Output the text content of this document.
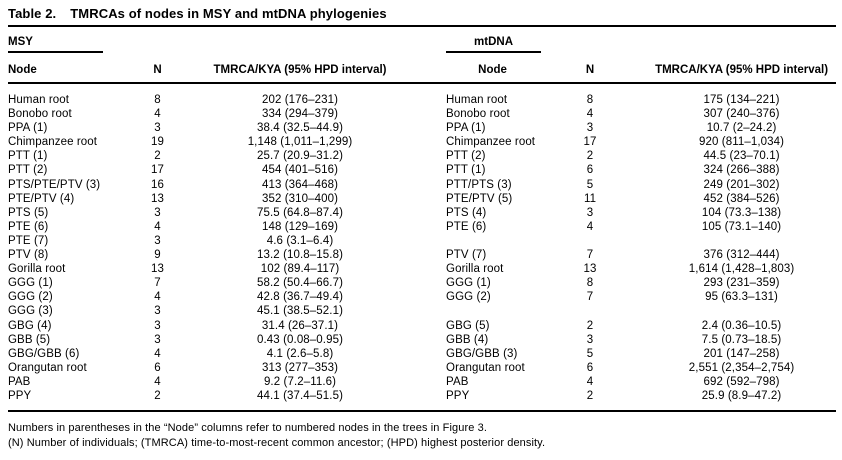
Table 2. TMRCAs of nodes in MSY and mtDNA phylogenies
MSY			mtDNA		

Node	N	TMRCA/KYA (95% HPD interval)	Node	N	TMRCA/KYA (95% HPD interval)
Human root	8	202 (176–231)	Human root	8	175 (134–221)
Bonobo root	4	334 (294–379)	Bonobo root	4	307 (240–376)
PPA (1)	3	38.4 (32.5–44.9)	PPA (1)	3	10.7 (2–24.2)
Chimpanzee root	19	1,148 (1,011–1,299)	Chimpanzee root	17	920 (811–1,034)
PTT (1)	2	25.7 (20.9–31.2)	PTT (2)	2	44.5 (23–70.1)
PTT (2)	17	454 (401–516)	PTT (1)	6	324 (266–388)
PTS/PTE/PTV (3)	16	413 (364–468)	PTT/PTS (3)	5	249 (201–302)
PTE/PTV (4)	13	352 (310–400)	PTE/PTV (5)	11	452 (384–526)
PTS (5)	3	75.5 (64.8–87.4)	PTS (4)	3	104 (73.3–138)
PTE (6)	4	148 (129–169)	PTE (6)	4	105 (73.1–140)
PTE (7)	3	4.6 (3.1–6.4)			
PTV (8)	9	13.2 (10.8–15.8)	PTV (7)	7	376 (312–444)
Gorilla root	13	102 (89.4–117)	Gorilla root	13	1,614 (1,428–1,803)
GGG (1)	7	58.2 (50.4–66.7)	GGG (1)	8	293 (231–359)
GGG (2)	4	42.8 (36.7–49.4)	GGG (2)	7	95 (63.3–131)
GGG (3)	3	45.1 (38.5–52.1)			
GBG (4)	3	31.4 (26–37.1)	GBG (5)	2	2.4 (0.36–10.5)
GBB (5)	3	0.43 (0.08–0.95)	GBB (4)	3	7.5 (0.73–18.5)
GBG/GBB (6)	4	4.1 (2.6–5.8)	GBG/GBB (3)	5	201 (147–258)
Orangutan root	6	313 (277–353)	Orangutan root	6	2,551 (2,354–2,754)
PAB	4	9.2 (7.2–11.6)	PAB	4	692 (592–798)
PPY	2	44.1 (37.4–51.5)	PPY	2	25.9 (8.9–47.2)
Numbers in parentheses in the “Node” columns refer to numbered nodes in the trees in Figure 3.
(N) Number of individuals; (TMRCA) time-to-most-recent common ancestor; (HPD) highest posterior density.
